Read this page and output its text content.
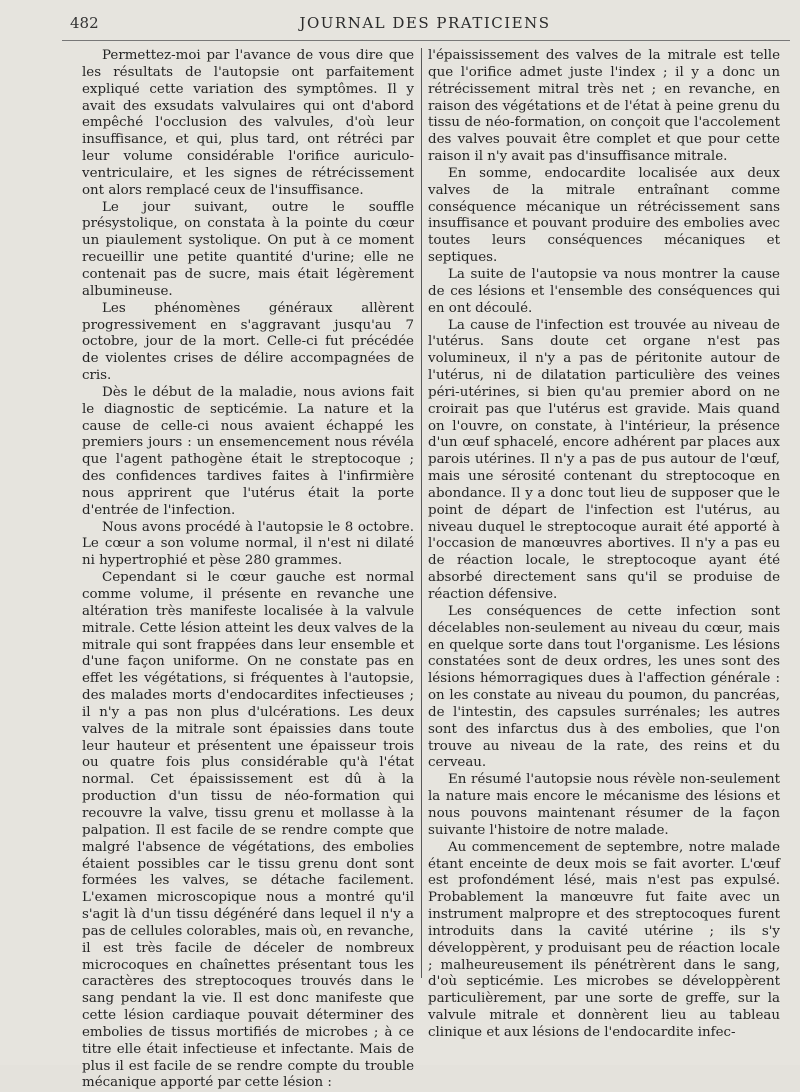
482	JOURNAL DES PRATICIENS

Permettez-moi par l'avance de vous dire que les résultats de l'autopsie ont parfaitement expliqué cette variation des symptômes. Il y avait des exsudats valvulaires qui ont d'abord empêché l'occlusion des valvules, d'où leur insuffisance, et qui, plus tard, ont rétréci par leur volume considérable l'orifice auriculo-ventriculaire, et les signes de rétrécissement ont alors remplacé ceux de l'insuffisance.

Le jour suivant, outre le souffle présystolique, on constata à la pointe du cœur un piaulement systolique. On put à ce moment recueillir une petite quantité d'urine; elle ne contenait pas de sucre, mais était légèrement albumineuse.

Les phénomènes généraux allèrent progressivement en s'aggravant jusqu'au 7 octobre, jour de la mort. Celle-ci fut précédée de violentes crises de délire accompagnées de cris.

Dès le début de la maladie, nous avions fait le diagnostic de septicémie. La nature et la cause de celle-ci nous avaient échappé les premiers jours : un ensemencement nous révéla que l'agent pathogène était le streptocoque ; des confidences tardives faites à l'infirmière nous apprirent que l'utérus était la porte d'entrée de l'infection.

Nous avons procédé à l'autopsie le 8 octobre. Le cœur a son volume normal, il n'est ni dilaté ni hypertrophié et pèse 280 grammes.

Cependant si le cœur gauche est normal comme volume, il présente en revanche une altération très manifeste localisée à la valvule mitrale. Cette lésion atteint les deux valves de la mitrale qui sont frappées dans leur ensemble et d'une façon uniforme. On ne constate pas en effet les végétations, si fréquentes à l'autopsie, des malades morts d'endocardites infectieuses ; il n'y a pas non plus d'ulcérations. Les deux valves de la mitrale sont épaissies dans toute leur hauteur et présentent une épaisseur trois ou quatre fois plus considérable qu'à l'état normal. Cet épaississement est dû à la production d'un tissu de néo-formation qui recouvre la valve, tissu grenu et mollasse à la palpation. Il est facile de se rendre compte que malgré l'absence de végétations, des embolies étaient possibles car le tissu grenu dont sont formées les valves, se détache facilement. L'examen microscopique nous a montré qu'il s'agit là d'un tissu dégénéré dans lequel il n'y a pas de cellules colorables, mais où, en revanche, il est très facile de déceler de nombreux microcoques en chaînettes présentant tous les caractères des streptocoques trouvés dans le sang pendant la vie. Il est donc manifeste que cette lésion cardiaque pouvait déterminer des embolies de tissus mortifiés de microbes ; à ce titre elle était infectieuse et infectante. Mais de plus il est facile de se rendre compte du trouble mécanique apporté par cette lésion :

l'épaississement des valves de la mitrale est telle que l'orifice admet juste l'index ; il y a donc un rétrécissement mitral très net ; en revanche, en raison des végétations et de l'état à peine grenu du tissu de néo-formation, on conçoit que l'accolement des valves pouvait être complet et que pour cette raison il n'y avait pas d'insuffisance mitrale.

En somme, endocardite localisée aux deux valves de la mitrale entraînant comme conséquence mécanique un rétrécissement sans insuffisance et pouvant produire des embolies avec toutes leurs conséquences mécaniques et septiques.

La suite de l'autopsie va nous montrer la cause de ces lésions et l'ensemble des conséquences qui en ont découlé.

La cause de l'infection est trouvée au niveau de l'utérus. Sans doute cet organe n'est pas volumineux, il n'y a pas de péritonite autour de l'utérus, ni de dilatation particulière des veines péri-utérines, si bien qu'au premier abord on ne croirait pas que l'utérus est gravide. Mais quand on l'ouvre, on constate, à l'intérieur, la présence d'un œuf sphacelé, encore adhérent par places aux parois utérines. Il n'y a pas de pus autour de l'œuf, mais une sérosité contenant du streptocoque en abondance. Il y a donc tout lieu de supposer que le point de départ de l'infection est l'utérus, au niveau duquel le streptocoque aurait été apporté à l'occasion de manœuvres abortives. Il n'y a pas eu de réaction locale, le streptocoque ayant été absorbé directement sans qu'il se produise de réaction défensive.

Les conséquences de cette infection sont décelables non-seulement au niveau du cœur, mais en quelque sorte dans tout l'organisme. Les lésions constatées sont de deux ordres, les unes sont des lésions hémorragiques dues à l'affection générale : on les constate au niveau du poumon, du pancréas, de l'intestin, des capsules surrénales; les autres sont des infarctus dus à des embolies, que l'on trouve au niveau de la rate, des reins et du cerveau.

En résumé l'autopsie nous révèle non-seulement la nature mais encore le mécanisme des lésions et nous pouvons maintenant résumer de la façon suivante l'histoire de notre malade.

Au commencement de septembre, notre malade étant enceinte de deux mois se fait avorter. L'œuf est profondément lésé, mais n'est pas expulsé. Probablement la manœuvre fut faite avec un instrument malpropre et des streptocoques furent introduits dans la cavité utérine ; ils s'y développèrent, y produisant peu de réaction locale ; malheureusement ils pénétrèrent dans le sang, d'où septicémie. Les microbes se développèrent particulièrement, par une sorte de greffe, sur la valvule mitrale et donnèrent lieu au tableau clinique et aux lésions de l'endocardite infec-
